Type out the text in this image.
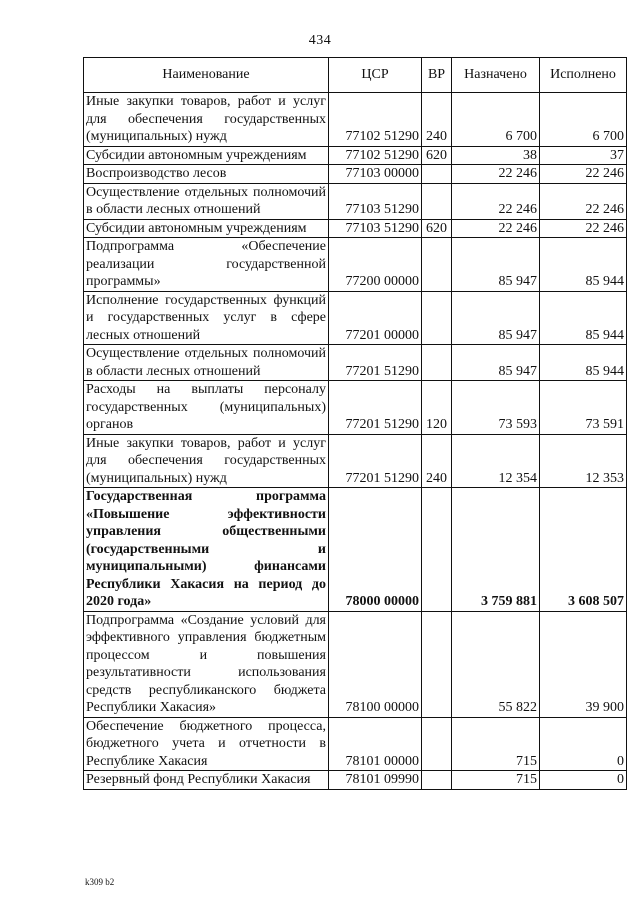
434
Наименование	ЦСР	ВР	Назначено	Исполнено
Иные закупки товаров, работ и услуг для обеспечения государственных (муниципальных) нужд	77102 51290	240	6 700	6 700
Субсидии автономным учреждениям	77102 51290	620	38	37
Воспроизводство лесов	77103 00000		22 246	22 246
Осуществление отдельных полномочий в области лесных отношений	77103 51290		22 246	22 246
Субсидии автономным учреждениям	77103 51290	620	22 246	22 246
Подпрограмма «Обеспечение реализации государственной программы»	77200 00000		85 947	85 944
Исполнение государственных функций и государственных услуг в сфере лесных отношений	77201 00000		85 947	85 944
Осуществление отдельных полномочий в области лесных отношений	77201 51290		85 947	85 944
Расходы на выплаты персоналу государственных (муниципальных) органов	77201 51290	120	73 593	73 591
Иные закупки товаров, работ и услуг для обеспечения государственных (муниципальных) нужд	77201 51290	240	12 354	12 353
Государственная программа «Повышение эффективности управления общественными (государственными и муниципальными) финансами Республики Хакасия на период до 2020 года»	78000 00000		3 759 881	3 608 507
Подпрограмма «Создание условий для эффективного управления бюджетным процессом и повышения результативности использования средств республиканского бюджета Республики Хакасия»	78100 00000		55 822	39 900
Обеспечение бюджетного процесса, бюджетного учета и отчетности в Республике Хакасия	78101 00000		715	0
Резервный фонд Республики Хакасия	78101 09990		715	0
k309 b2
